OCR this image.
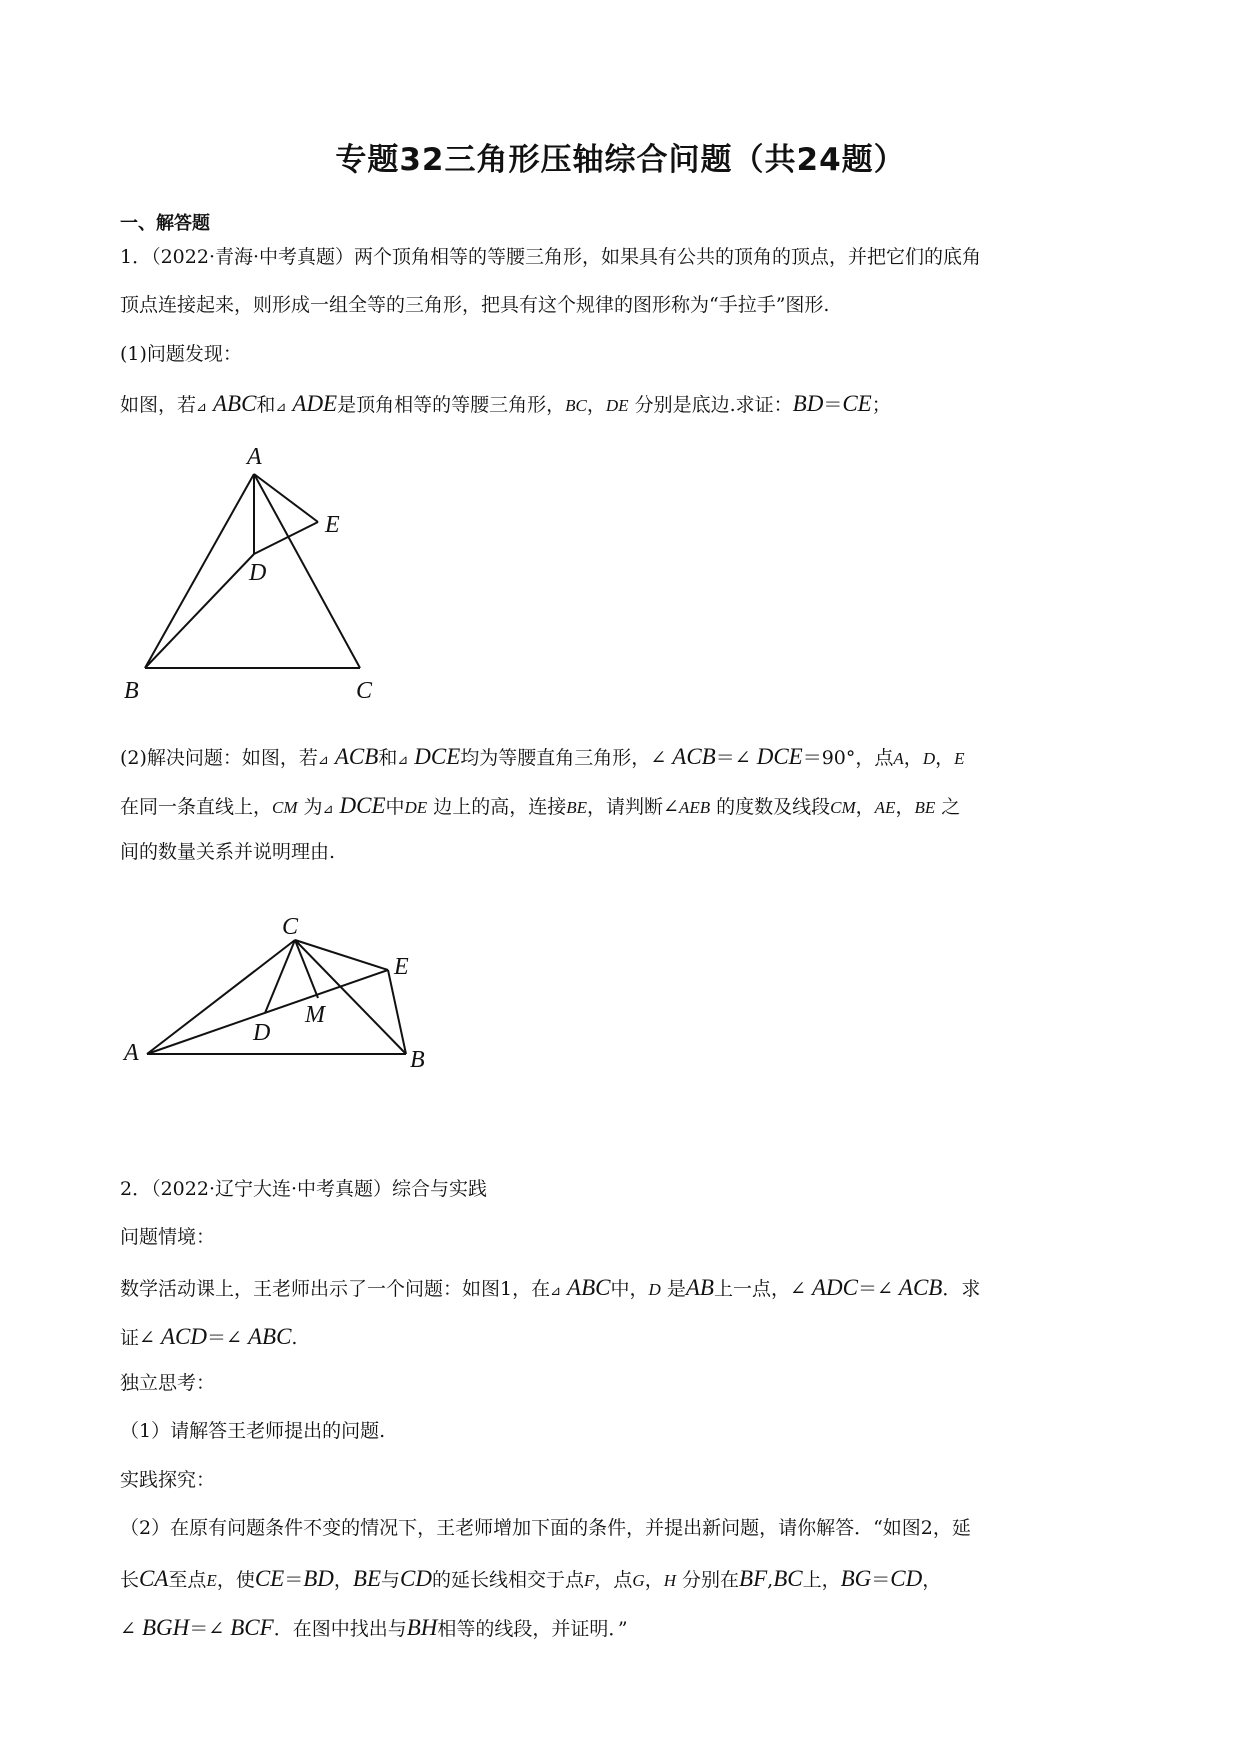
专题32三角形压轴综合问题（共24题）
一、解答题
1．（2022·青海·中考真题）两个顶角相等的等腰三角形，如果具有公共的顶角的顶点，并把它们的底角
顶点连接起来，则形成一组全等的三角形，把具有这个规律的图形称为“手拉手”图形.
(1)问题发现：
如图，若⊿ ABC和⊿ ADE是顶角相等的等腰三角形，BC，DE 分别是底边.求证：BD＝CE；
A
E
D
B	C
(2)解决问题：如图，若⊿ ACB和⊿ DCE均为等腰直角三角形，∠ ACB＝∠ DCE＝90°，点A，D，E
在同一条直线上，CM 为⊿ DCE中DE 边上的高，连接BE，请判断∠AEB 的度数及线段CM，AE，BE 之
间的数量关系并说明理由.
C
E
M
D
A	B
2．（2022·辽宁大连·中考真题）综合与实践
问题情境：
数学活动课上，王老师出示了一个问题：如图1，在⊿ ABC中，D 是AB上一点，∠ ADC＝∠ ACB．求
证∠ ACD＝∠ ABC.
独立思考：
（1）请解答王老师提出的问题.
实践探究：
（2）在原有问题条件不变的情况下，王老师增加下面的条件，并提出新问题，请你解答．“如图2，延
长CA至点E，使CE＝BD，BE与CD的延长线相交于点F，点G，H 分别在BF,BC上，BG＝CD，
∠ BGH＝∠ BCF．在图中找出与BH相等的线段，并证明．”
